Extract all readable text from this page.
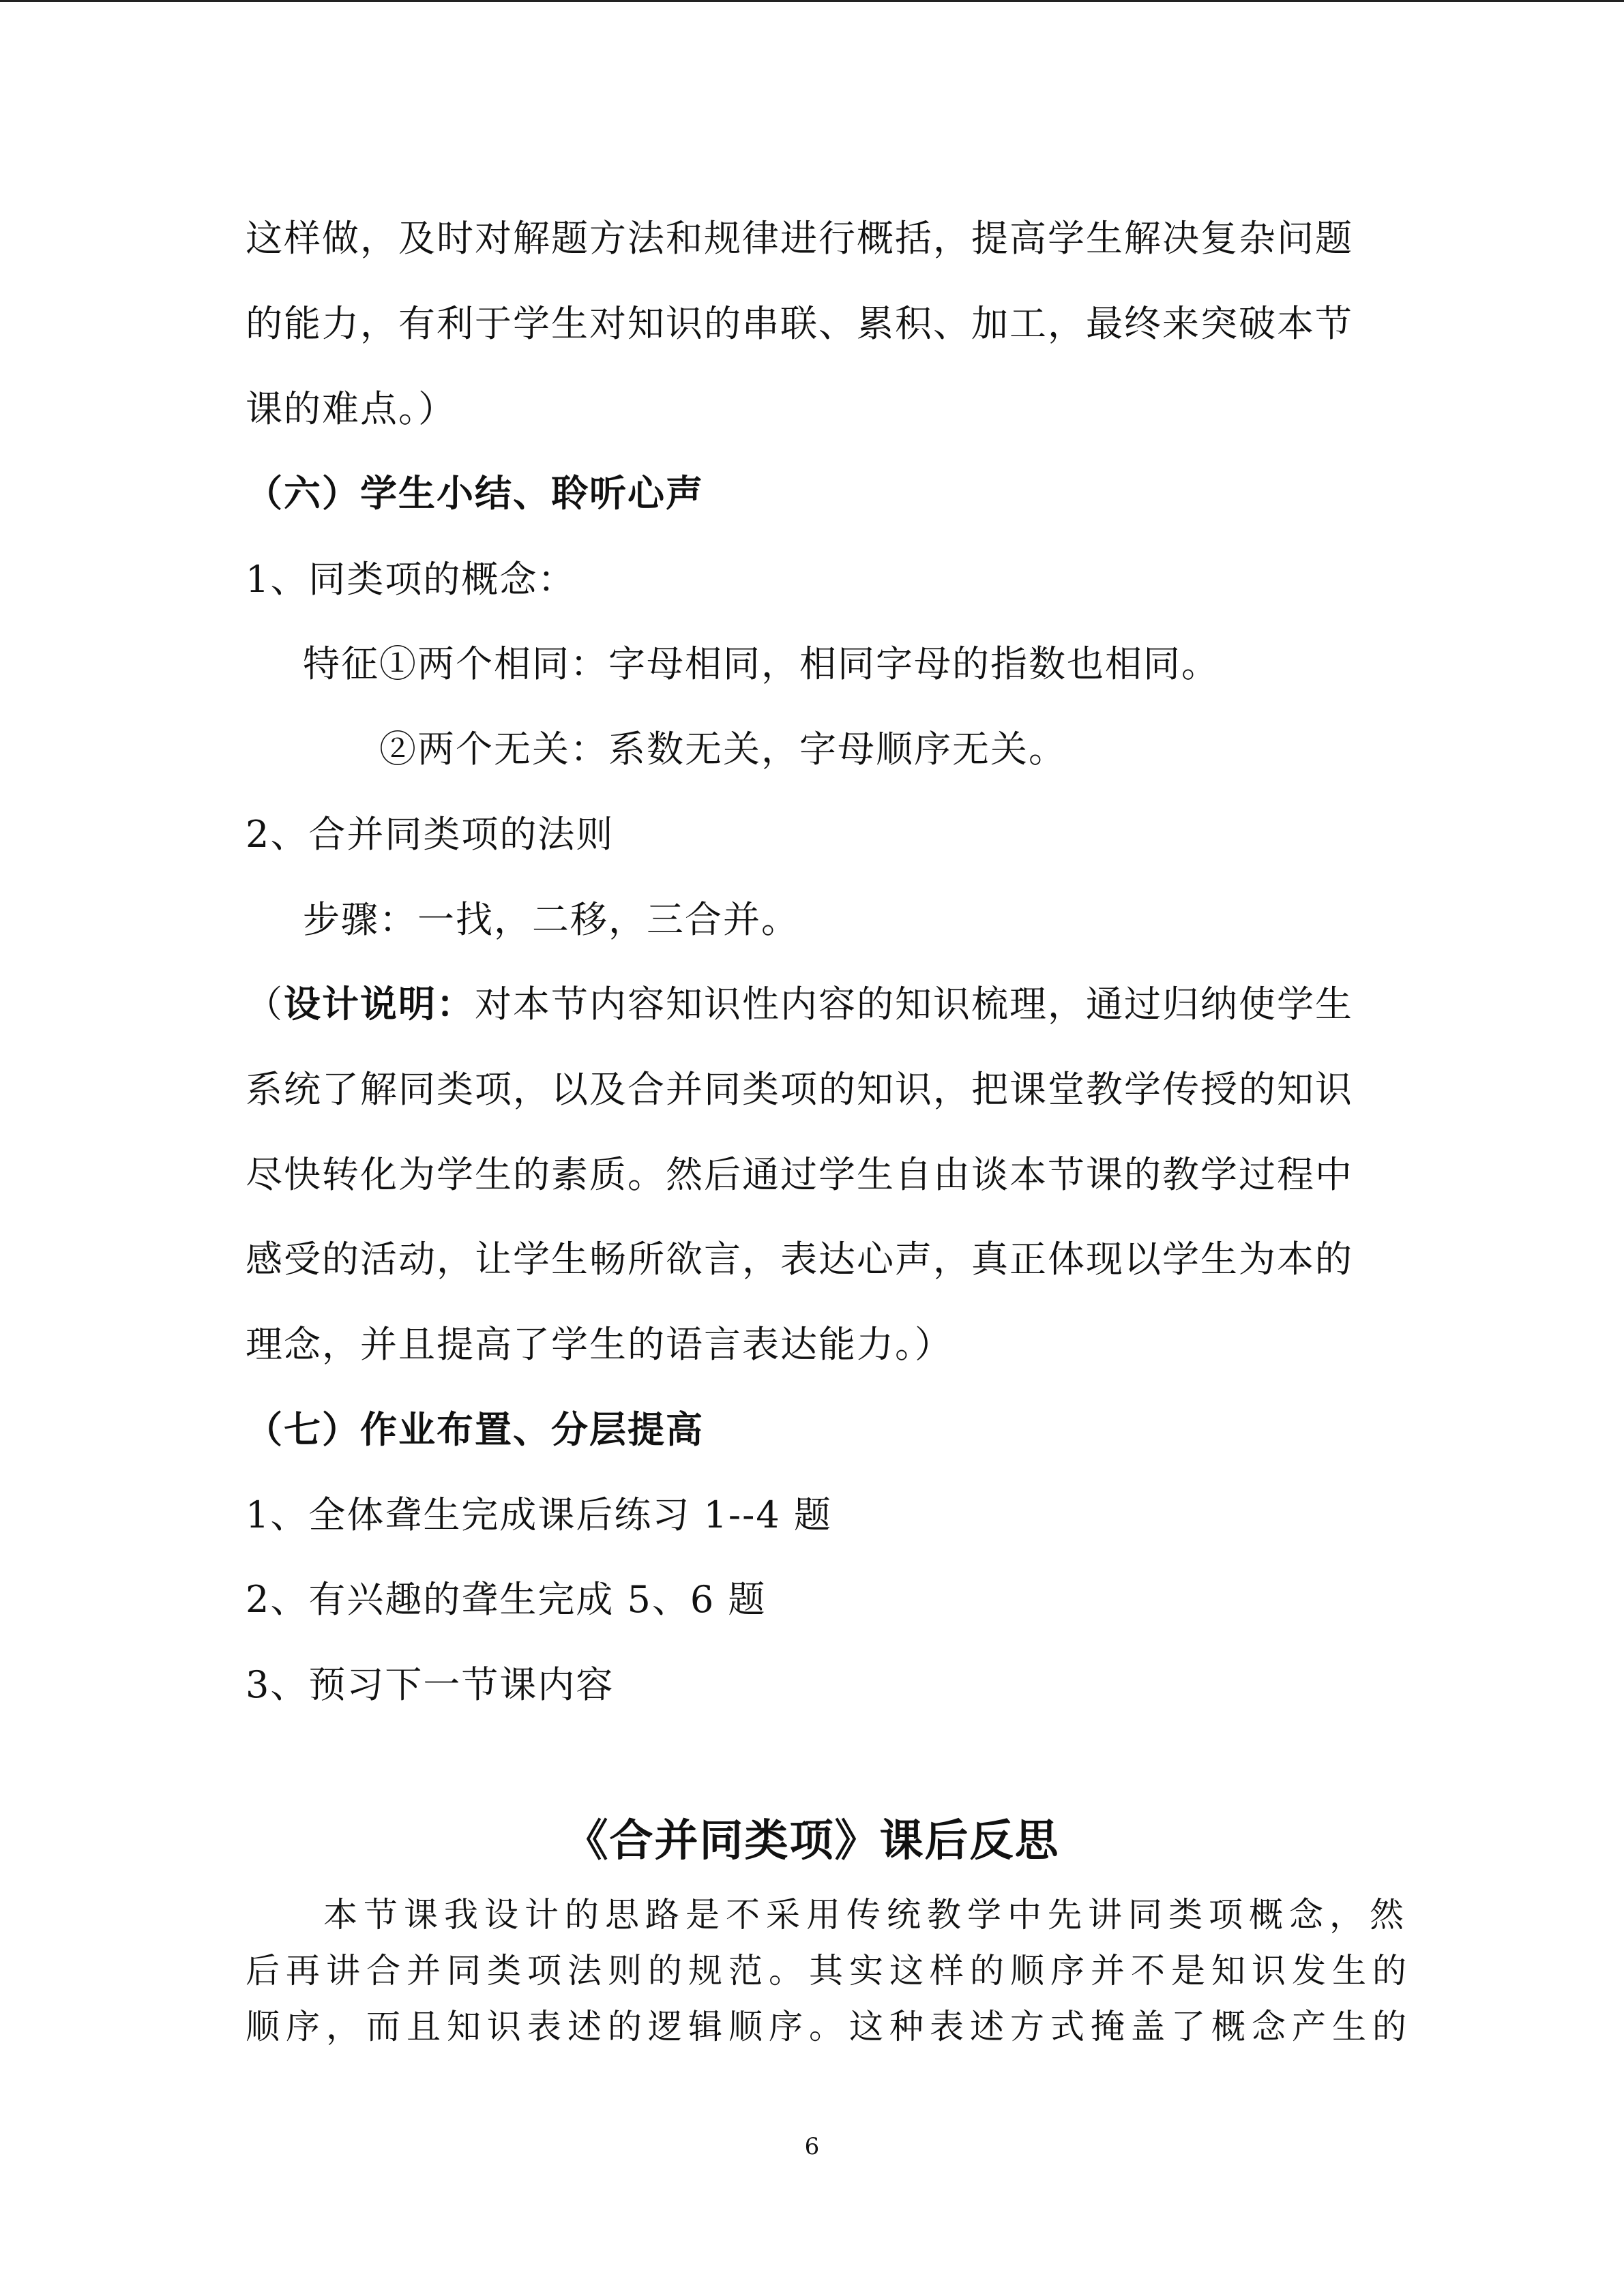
这样做，及时对解题方法和规律进行概括，提高学生解决复杂问题
的能力，有利于学生对知识的串联、累积、加工，最终来突破本节
课的难点。）
（六）学生小结、聆听心声
1、同类项的概念：
特征①两个相同：字母相同，相同字母的指数也相同。
②两个无关：系数无关，字母顺序无关。
2、合并同类项的法则
步骤：一找，二移，三合并。
（设计说明：对本节内容知识性内容的知识梳理，通过归纳使学生
系统了解同类项，以及合并同类项的知识，把课堂教学传授的知识
尽快转化为学生的素质。然后通过学生自由谈本节课的教学过程中
感受的活动，让学生畅所欲言，表达心声，真正体现以学生为本的
理念，并且提高了学生的语言表达能力。）
（七）作业布置、分层提高
1、全体聋生完成课后练习 1--4 题
2、有兴趣的聋生完成 5、6 题
3、预习下一节课内容
《合并同类项》课后反思
本节课我设计的思路是不采用传统教学中先讲同类项概念，然
后再讲合并同类项法则的规范。其实这样的顺序并不是知识发生的
顺序，而且知识表述的逻辑顺序。这种表述方式掩盖了概念产生的
6
